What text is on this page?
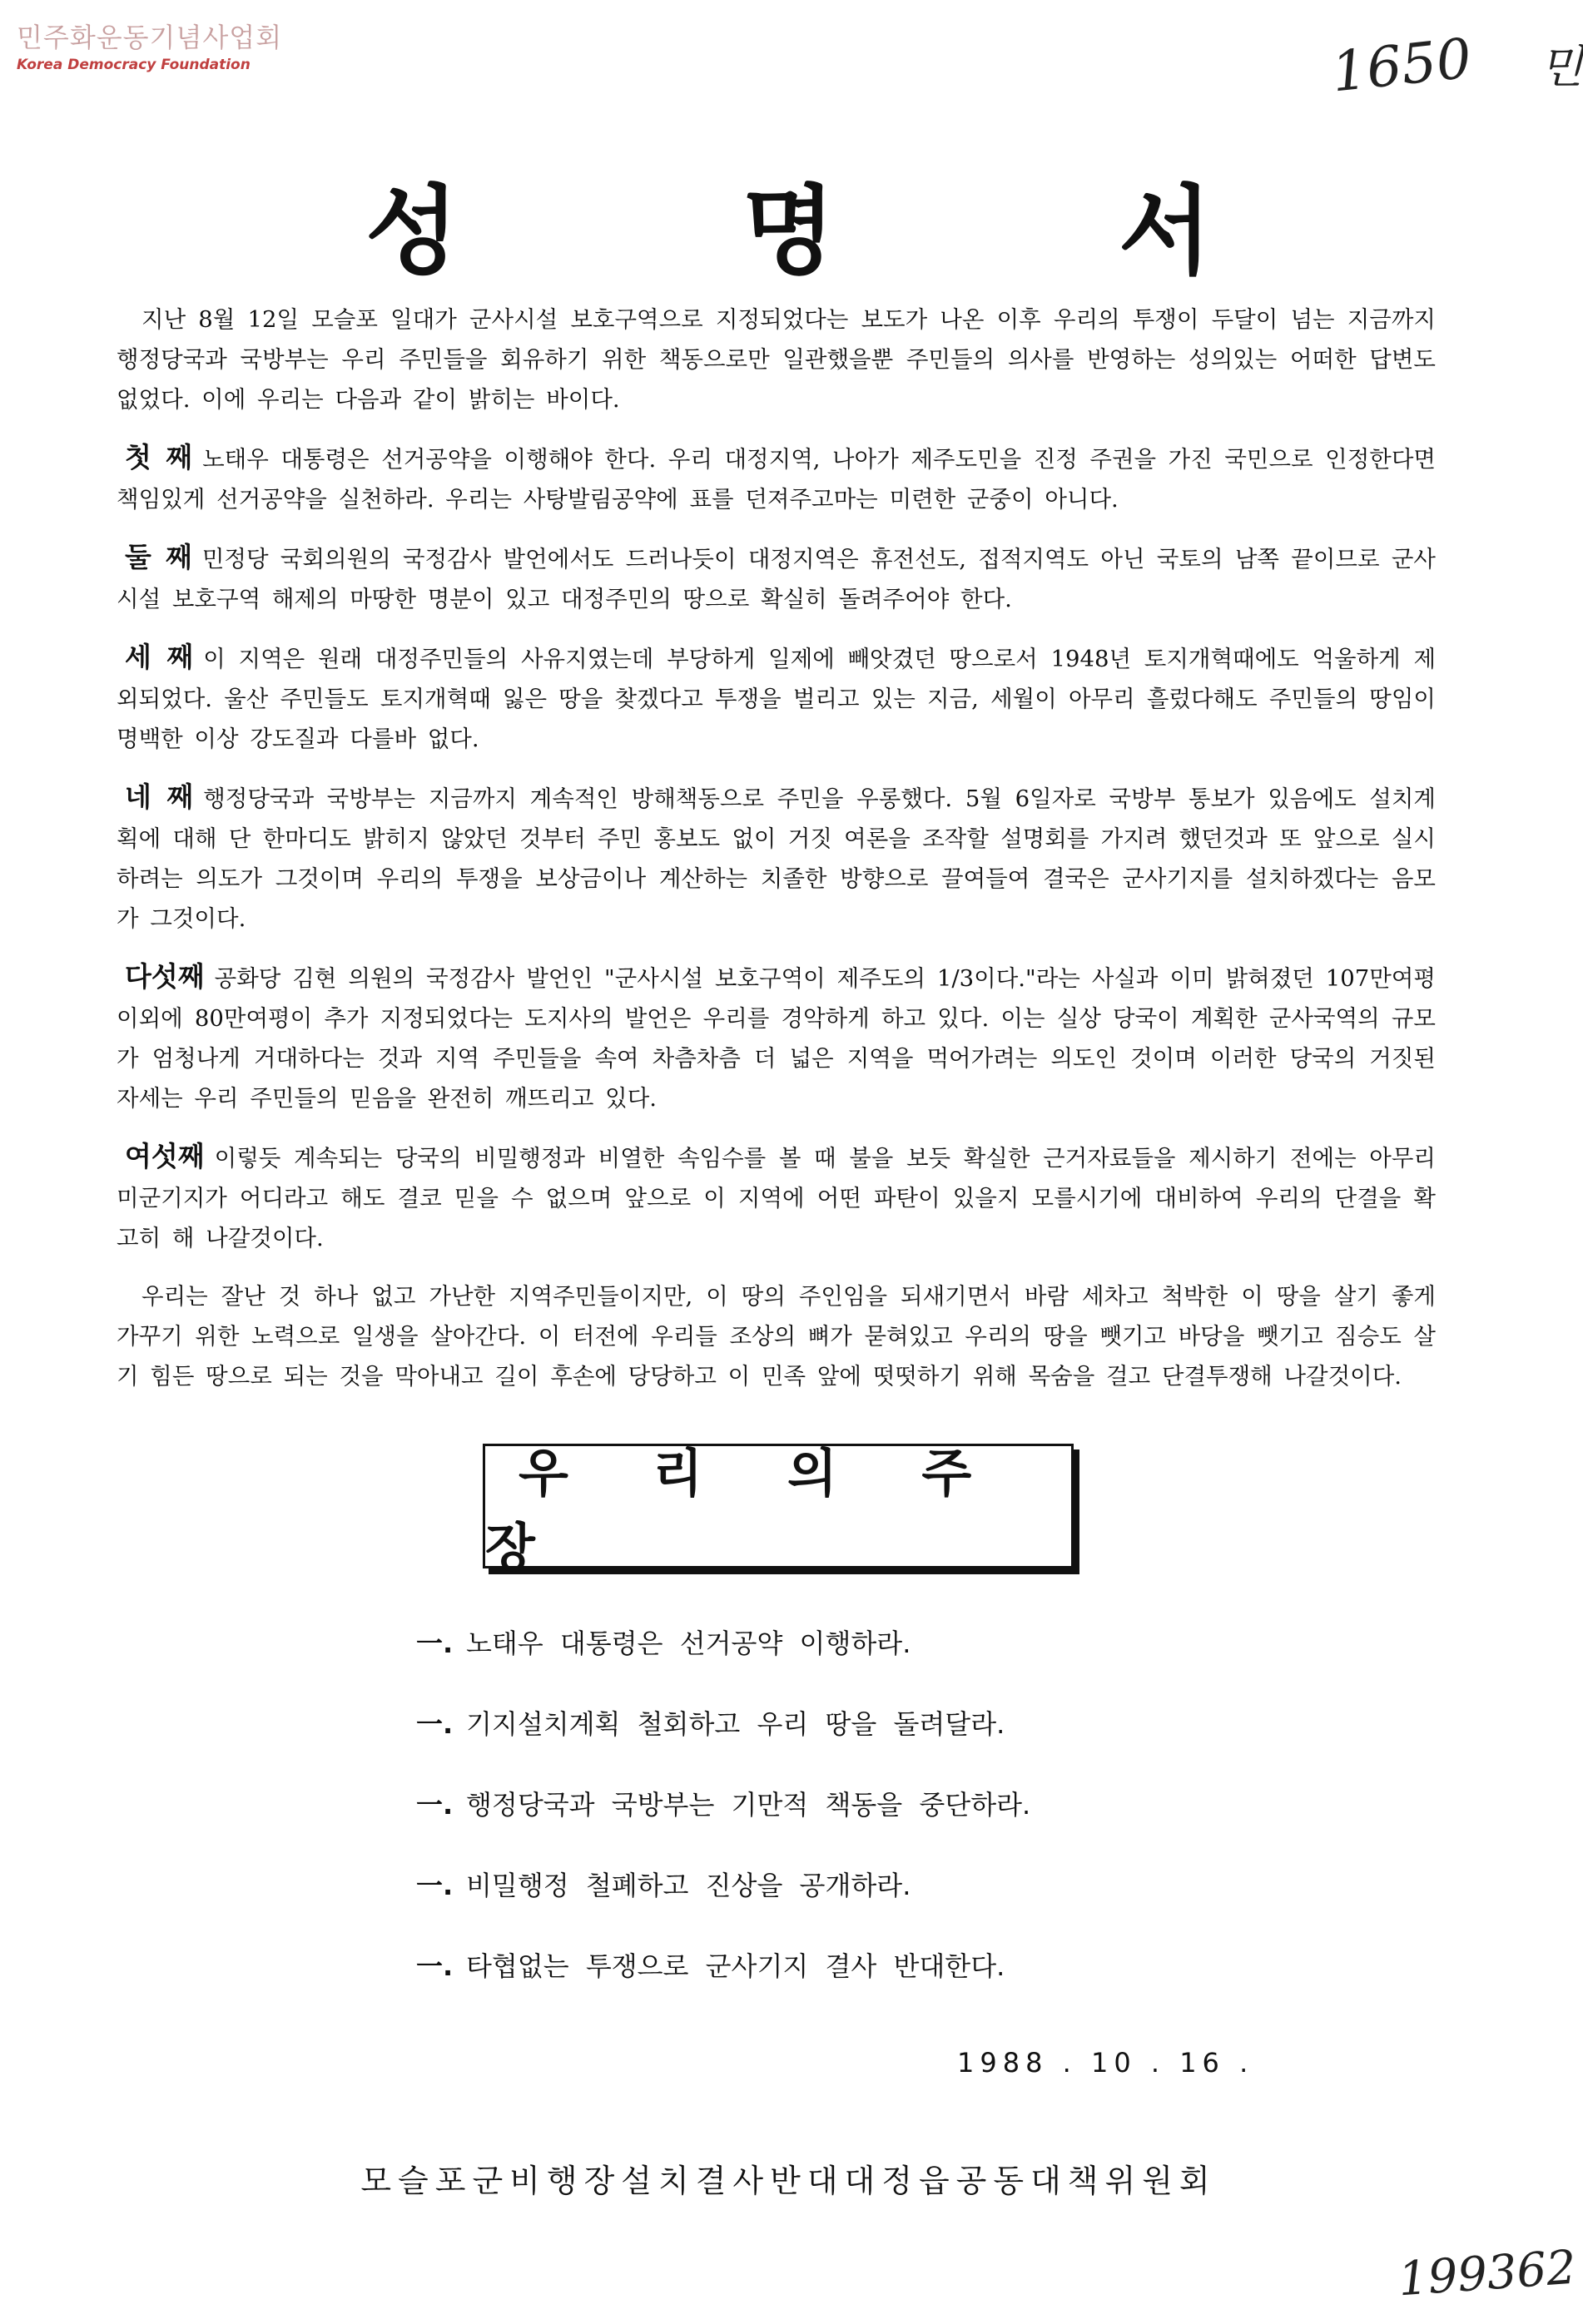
민주화운동기념사업회
Korea Democracy Foundation	1650 민
성 명 서

지난 8월 12일 모슬포 일대가 군사시설 보호구역으로 지정되었다는 보도가 나온 이후 우리의 투쟁이 두달이 넘는 지금까지 행정당국과 국방부는 우리 주민들을 회유하기 위한 책동으로만 일관했을뿐 주민들의 의사를 반영하는 성의있는 어떠한 답변도 없었다. 이에 우리는 다음과 같이 밝히는 바이다.

첫 째 노태우 대통령은 선거공약을 이행해야 한다. 우리 대정지역, 나아가 제주도민을 진정 주권을 가진 국민으로 인정한다면 책임있게 선거공약을 실천하라. 우리는 사탕발림공약에 표를 던져주고마는 미련한 군중이 아니다.

둘 째 민정당 국회의원의 국정감사 발언에서도 드러나듯이 대정지역은 휴전선도, 접적지역도 아닌 국토의 남쪽 끝이므로 군사시설 보호구역 해제의 마땅한 명분이 있고 대정주민의 땅으로 확실히 돌려주어야 한다.

세 째 이 지역은 원래 대정주민들의 사유지였는데 부당하게 일제에 빼앗겼던 땅으로서 1948년 토지개혁때에도 억울하게 제외되었다. 울산 주민들도 토지개혁때 잃은 땅을 찾겠다고 투쟁을 벌리고 있는 지금, 세월이 아무리 흘렀다해도 주민들의 땅임이 명백한 이상 강도질과 다를바 없다.

네 째 행정당국과 국방부는 지금까지 계속적인 방해책동으로 주민을 우롱했다. 5월 6일자로 국방부 통보가 있음에도 설치계획에 대해 단 한마디도 밝히지 않았던 것부터 주민 홍보도 없이 거짓 여론을 조작할 설명회를 가지려 했던것과 또 앞으로 실시하려는 의도가 그것이며 우리의 투쟁을 보상금이나 계산하는 치졸한 방향으로 끌여들여 결국은 군사기지를 설치하겠다는 음모가 그것이다.

다섯째 공화당 김현 의원의 국정감사 발언인 "군사시설 보호구역이 제주도의 1/3이다."라는 사실과 이미 밝혀졌던 107만여평이외에 80만여평이 추가 지정되었다는 도지사의 발언은 우리를 경악하게 하고 있다. 이는 실상 당국이 계획한 군사국역의 규모가 엄청나게 거대하다는 것과 지역 주민들을 속여 차츰차츰 더 넓은 지역을 먹어가려는 의도인 것이며 이러한 당국의 거짓된 자세는 우리 주민들의 믿음을 완전히 깨뜨리고 있다.

여섯째 이렇듯 계속되는 당국의 비밀행정과 비열한 속임수를 볼 때 불을 보듯 확실한 근거자료들을 제시하기 전에는 아무리 미군기지가 어디라고 해도 결코 믿을 수 없으며 앞으로 이 지역에 어떤 파탄이 있을지 모를시기에 대비하여 우리의 단결을 확고히 해 나갈것이다.

우리는 잘난 것 하나 없고 가난한 지역주민들이지만, 이 땅의 주인임을 되새기면서 바람 세차고 척박한 이 땅을 살기 좋게 가꾸기 위한 노력으로 일생을 살아간다. 이 터전에 우리들 조상의 뼈가 묻혀있고 우리의 땅을 뺏기고 바당을 뺏기고 짐승도 살기 힘든 땅으로 되는 것을 막아내고 길이 후손에 당당하고 이 민족 앞에 떳떳하기 위해 목숨을 걸고 단결투쟁해 나갈것이다.

우 리 의 주 장
一. 노태우 대통령은 선거공약 이행하라.
一. 기지설치계획 철회하고 우리 땅을 돌려달라.
一. 행정당국과 국방부는 기만적 책동을 중단하라.
一. 비밀행정 철폐하고 진상을 공개하라.
一. 타협없는 투쟁으로 군사기지 결사 반대한다.
1988 . 10 . 16 .
모슬포군비행장설치결사반대대정읍공동대책위원회
199362
